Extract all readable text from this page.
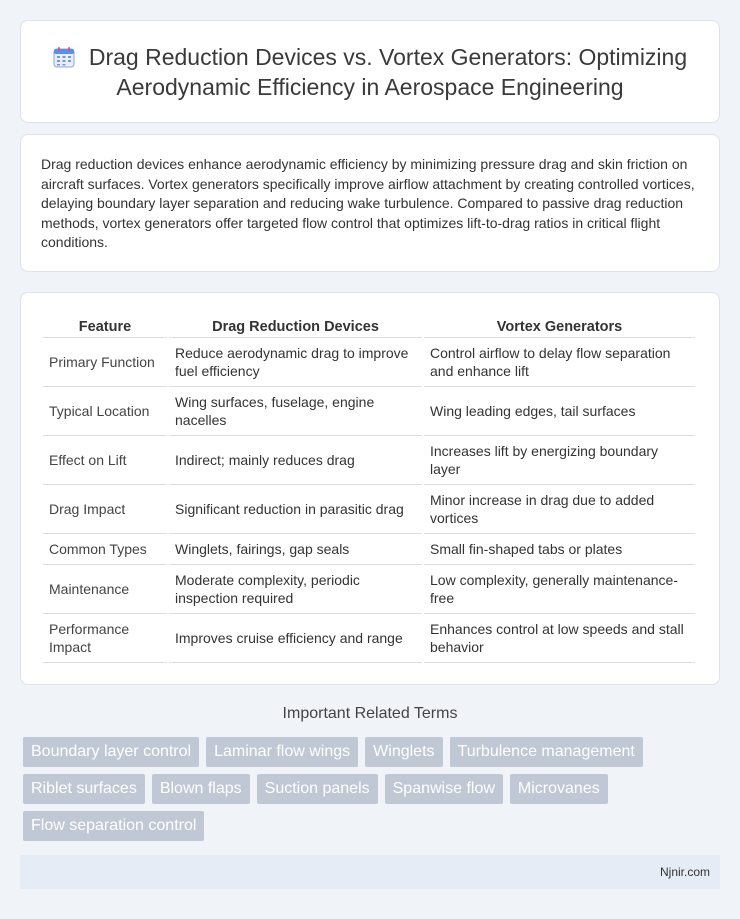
Drag Reduction Devices vs. Vortex Generators: Optimizing Aerodynamic Efficiency in Aerospace Engineering

Drag reduction devices enhance aerodynamic efficiency by minimizing pressure drag and skin friction on aircraft surfaces. Vortex generators specifically improve airflow attachment by creating controlled vortices, delaying boundary layer separation and reducing wake turbulence. Compared to passive drag reduction methods, vortex generators offer targeted flow control that optimizes lift-to-drag ratios in critical flight conditions.

Feature	Drag Reduction Devices	Vortex Generators
Primary Function	Reduce aerodynamic drag to improve fuel efficiency	Control airflow to delay flow separation and enhance lift
Typical Location	Wing surfaces, fuselage, engine nacelles	Wing leading edges, tail surfaces
Effect on Lift	Indirect; mainly reduces drag	Increases lift by energizing boundary layer
Drag Impact	Significant reduction in parasitic drag	Minor increase in drag due to added vortices
Common Types	Winglets, fairings, gap seals	Small fin-shaped tabs or plates
Maintenance	Moderate complexity, periodic inspection required	Low complexity, generally maintenance-free
Performance Impact	Improves cruise efficiency and range	Enhances control at low speeds and stall behavior
Important Related Terms
Boundary layer control	Laminar flow wings	Winglets	Turbulence management
Riblet surfaces	Blown flaps	Suction panels	Spanwise flow	Microvanes
Flow separation control
Njnir.com
